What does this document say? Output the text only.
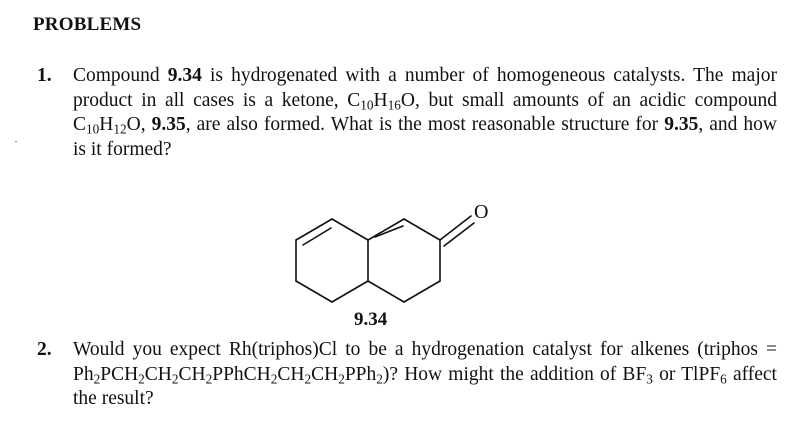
PROBLEMS
1. Compound 9.34 is hydrogenated with a number of homogeneous catalysts. The major product in all cases is a ketone, $C_{10}H_{16}O$, but small amounts of an acidic compound $C_{10}H_{12}O$, 9.35, are also formed. What is the most reasonable structure for 9.35, and how is it formed?
O
9.34
2. Would you expect Rh(triphos)Cl to be a hydrogenation catalyst for alkenes (triphos = $Ph_2PCH_2CH_2CH_2PPhCH_2CH_2CH_2PPh_2$)? How might the addition of $BF_3$ or TlPF$_6$ affect the result?
